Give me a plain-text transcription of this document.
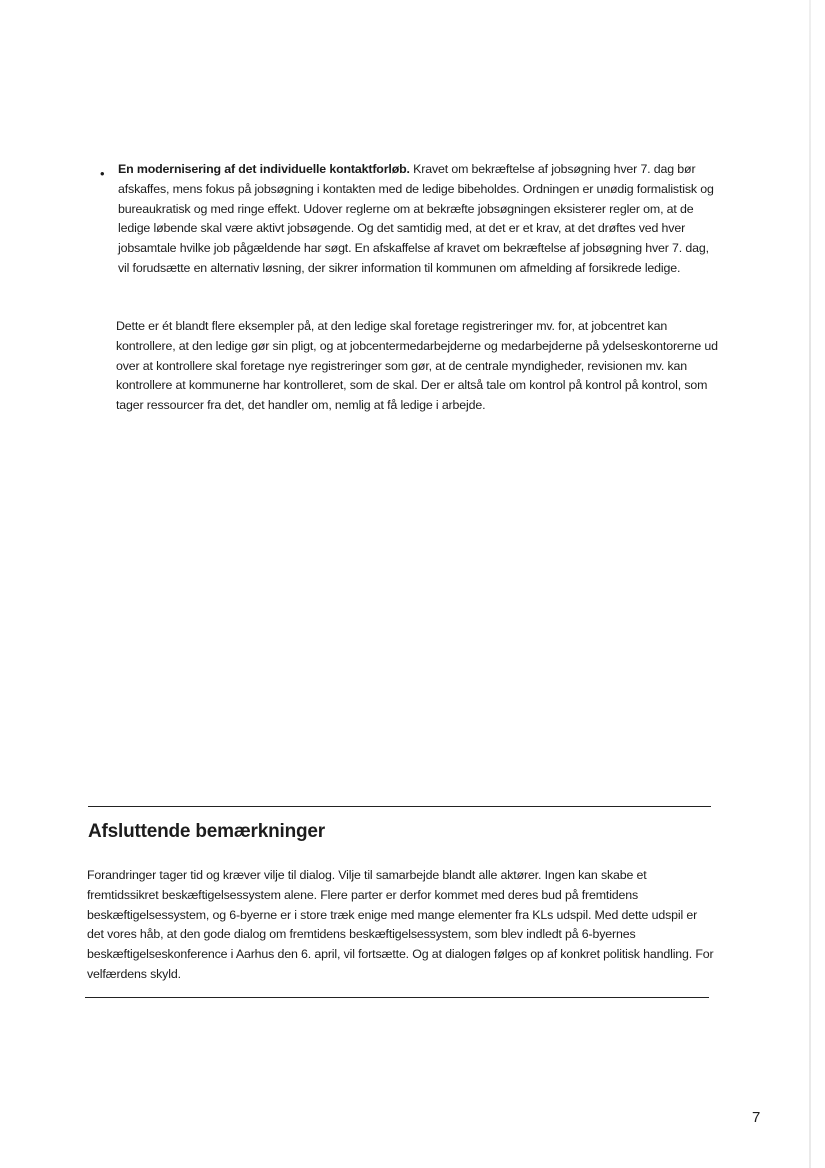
• En modernisering af det individuelle kontaktforløb. Kravet om bekræftelse af jobsøgning hver 7. dag bør afskaffes, mens fokus på jobsøgning i kontakten med de ledige bibeholdes. Ordningen er unødig formalistisk og bureaukratisk og med ringe effekt. Udover reglerne om at bekræfte jobsøgningen eksisterer regler om, at de ledige løbende skal være aktivt jobsøgende. Og det samtidig med, at det er et krav, at det drøftes ved hver jobsamtale hvilke job pågældende har søgt. En afskaffelse af kravet om bekræftelse af jobsøgning hver 7. dag, vil forudsætte en alternativ løsning, der sikrer information til kommunen om afmelding af forsikrede ledige.

Dette er ét blandt flere eksempler på, at den ledige skal foretage registreringer mv. for, at jobcentret kan kontrollere, at den ledige gør sin pligt, og at jobcentermedarbejderne og medarbejderne på ydelseskontorerne ud over at kontrollere skal foretage nye registreringer som gør, at de centrale myndigheder, revisionen mv. kan kontrollere at kommunerne har kontrolleret, som de skal. Der er altså tale om kontrol på kontrol på kontrol, som tager ressourcer fra det, det handler om, nemlig at få ledige i arbejde.

Afsluttende bemærkninger

Forandringer tager tid og kræver vilje til dialog. Vilje til samarbejde blandt alle aktører. Ingen kan skabe et fremtidssikret beskæftigelsessystem alene. Flere parter er derfor kommet med deres bud på fremtidens beskæftigelsessystem, og 6-byerne er i store træk enige med mange elementer fra KLs udspil. Med dette udspil er det vores håb, at den gode dialog om fremtidens beskæftigelsessystem, som blev indledt på 6-byernes beskæftigelseskonference i Aarhus den 6. april, vil fortsætte. Og at dialogen følges op af konkret politisk handling. For velfærdens skyld.

7
